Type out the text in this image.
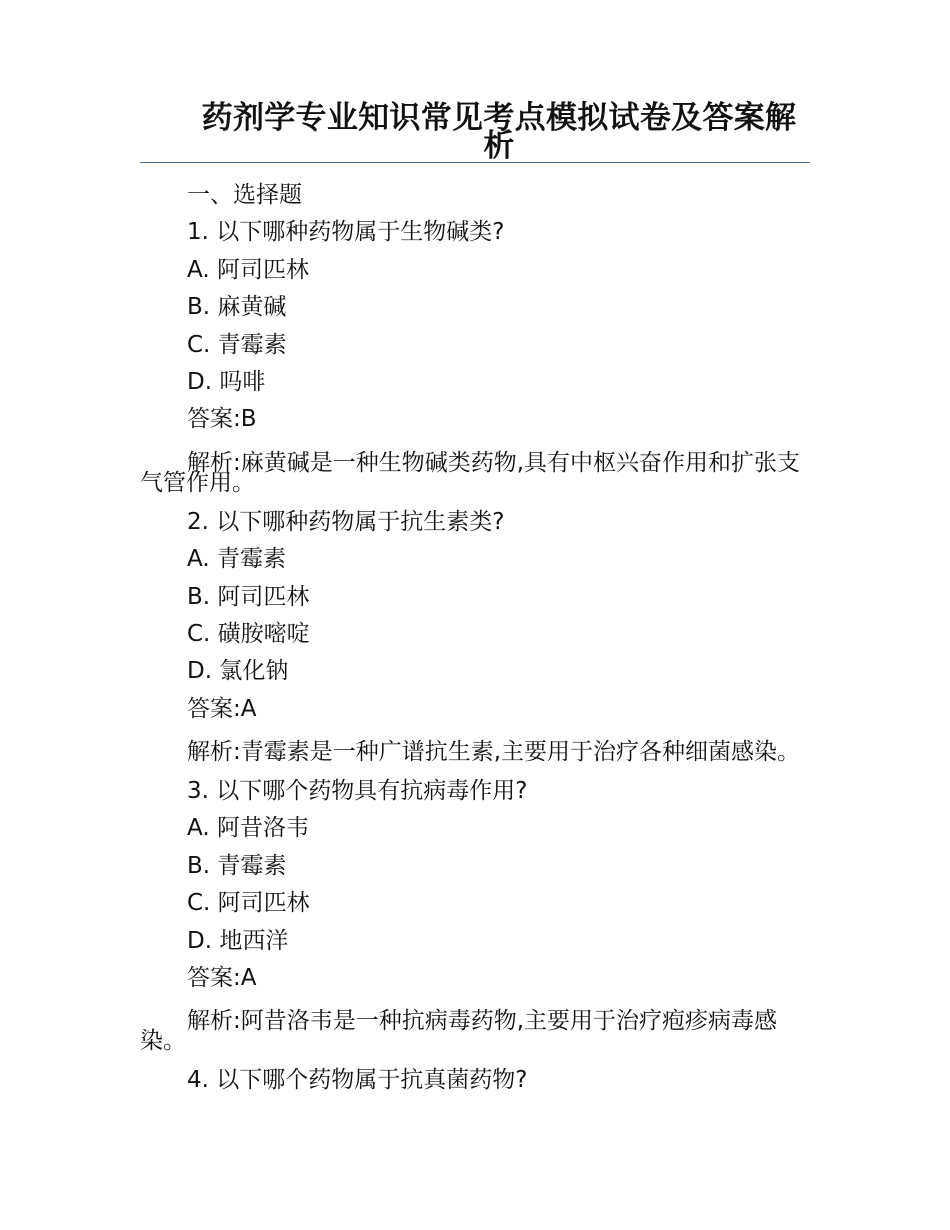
药剂学专业知识常见考点模拟试卷及答案解析
一、选择题
1. 以下哪种药物属于生物碱类?
A. 阿司匹林
B. 麻黄碱
C. 青霉素
D. 吗啡
答案:B
解析:麻黄碱是一种生物碱类药物,具有中枢兴奋作用和扩张支气管作用。
2. 以下哪种药物属于抗生素类?
A. 青霉素
B. 阿司匹林
C. 磺胺嘧啶
D. 氯化钠
答案:A
解析:青霉素是一种广谱抗生素,主要用于治疗各种细菌感染。
3. 以下哪个药物具有抗病毒作用?
A. 阿昔洛韦
B. 青霉素
C. 阿司匹林
D. 地西洋
答案:A
解析:阿昔洛韦是一种抗病毒药物,主要用于治疗疱疹病毒感染。
4. 以下哪个药物属于抗真菌药物?
